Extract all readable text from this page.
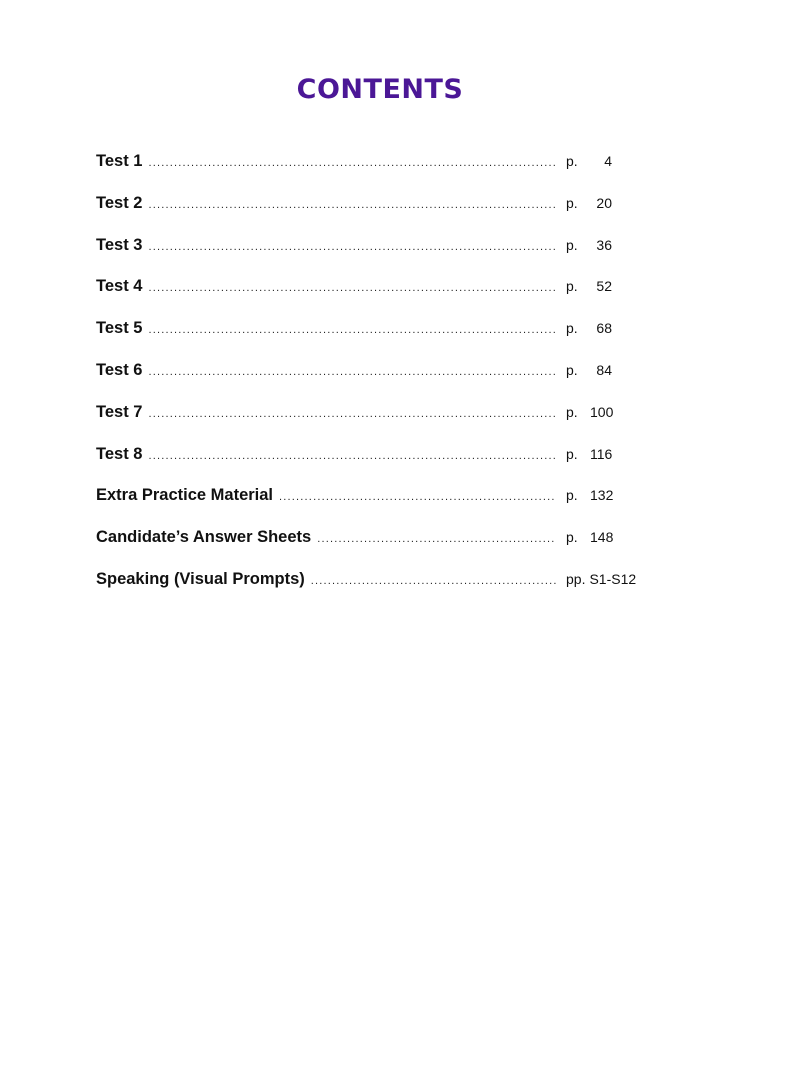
CONTENTS
Test 1 .....	p.	4
Test 2 .....	p.	20
Test 3 .....	p.	36
Test 4 .....	p.	52
Test 5 .....	p.	68
Test 6 .....	p.	84
Test 7 .....	p. 100
Test 8 .....	p. 116
Extra Practice Material .....	p. 132
Candidate’s Answer Sheets .....	p. 148
Speaking (Visual Prompts) .....	pp. S1-S12
